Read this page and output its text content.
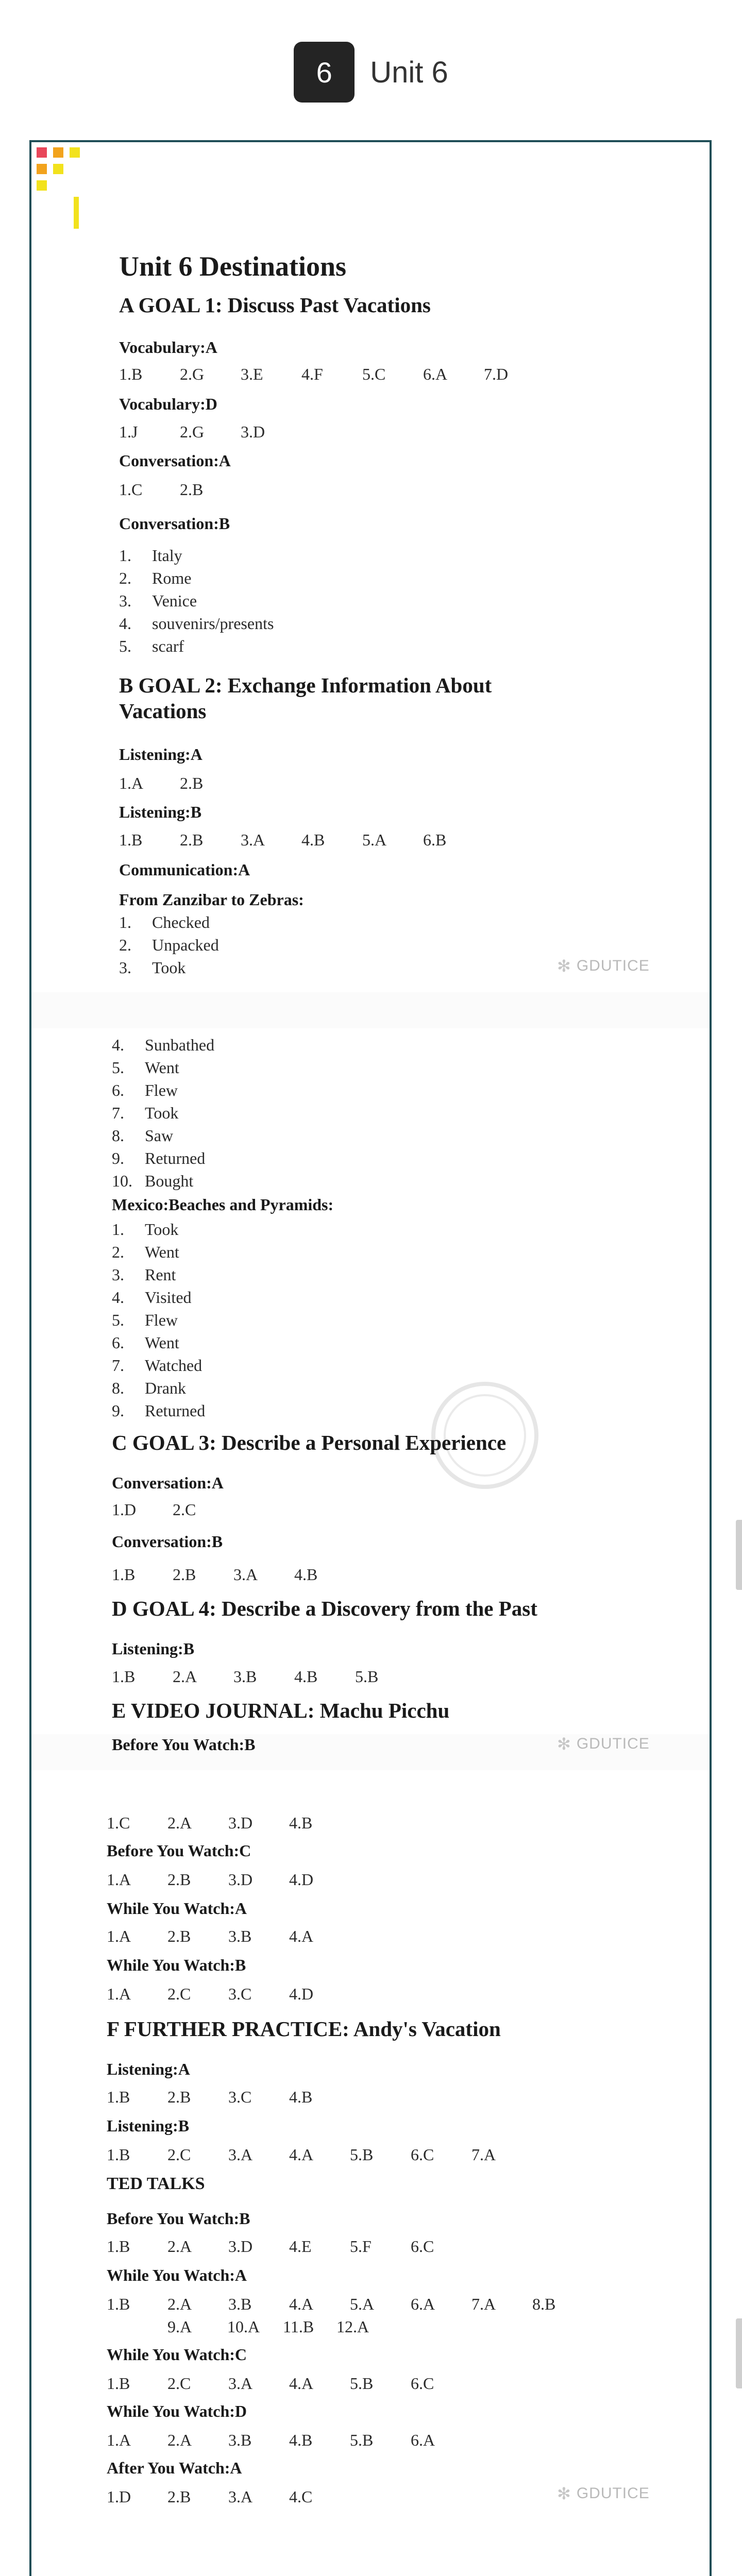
6	Unit 6
✻ GDUTICE
✻ GDUTICE
✻ GDUTICE
Unit 6 Destinations
A GOAL 1: Discuss Past Vacations
Vocabulary:A
1.B 2.G 3.E 4.F 5.C 6.A 7.D
Vocabulary:D
1.J	2.G 3.D
Conversation:A
1.C 2.B
Conversation:B
1. Italy
2. Rome
3. Venice
4. souvenirs/presents
5. scarf
B GOAL 2: Exchange Information About
Vacations
Listening:A
1.A 2.B
Listening:B
1.B 2.B 3.A 4.B 5.A 6.B
Communication:A
From Zanzibar to Zebras:
1. Checked
2. Unpacked
3. Took
4. Sunbathed
5. Went
6. Flew
7. Took
8. Saw
9. Returned
10. Bought
Mexico:Beaches and Pyramids:
1. Took
2. Went
3. Rent
4. Visited
5. Flew
6. Went
7. Watched
8. Drank
9. Returned
C GOAL 3: Describe a Personal Experience
Conversation:A
1.D 2.C
Conversation:B
1.B 2.B 3.A 4.B
D GOAL 4: Describe a Discovery from the Past
Listening:B
1.B 2.A 3.B 4.B 5.B
E VIDEO JOURNAL: Machu Picchu
Before You Watch:B
1.C 2.A 3.D 4.B
Before You Watch:C
1.A 2.B 3.D 4.D
While You Watch:A
1.A 2.B 3.B 4.A
While You Watch:B
1.A 2.C 3.C 4.D
F FURTHER PRACTICE: Andy's Vacation
Listening:A
1.B 2.B 3.C 4.B
Listening:B
1.B 2.C 3.A 4.A 5.B 6.C 7.A
TED TALKS
Before You Watch:B
1.B 2.A 3.D 4.E 5.F 6.C
While You Watch:A
1.B 2.A 3.B 4.A 5.A 6.A 7.A 8.B
9.A 10.A 11.B 12.A
While You Watch:C
1.B 2.C 3.A 4.A 5.B 6.C
While You Watch:D
1.A 2.A 3.B 4.B 5.B 6.A
After You Watch:A
1.D 2.B 3.A 4.C
